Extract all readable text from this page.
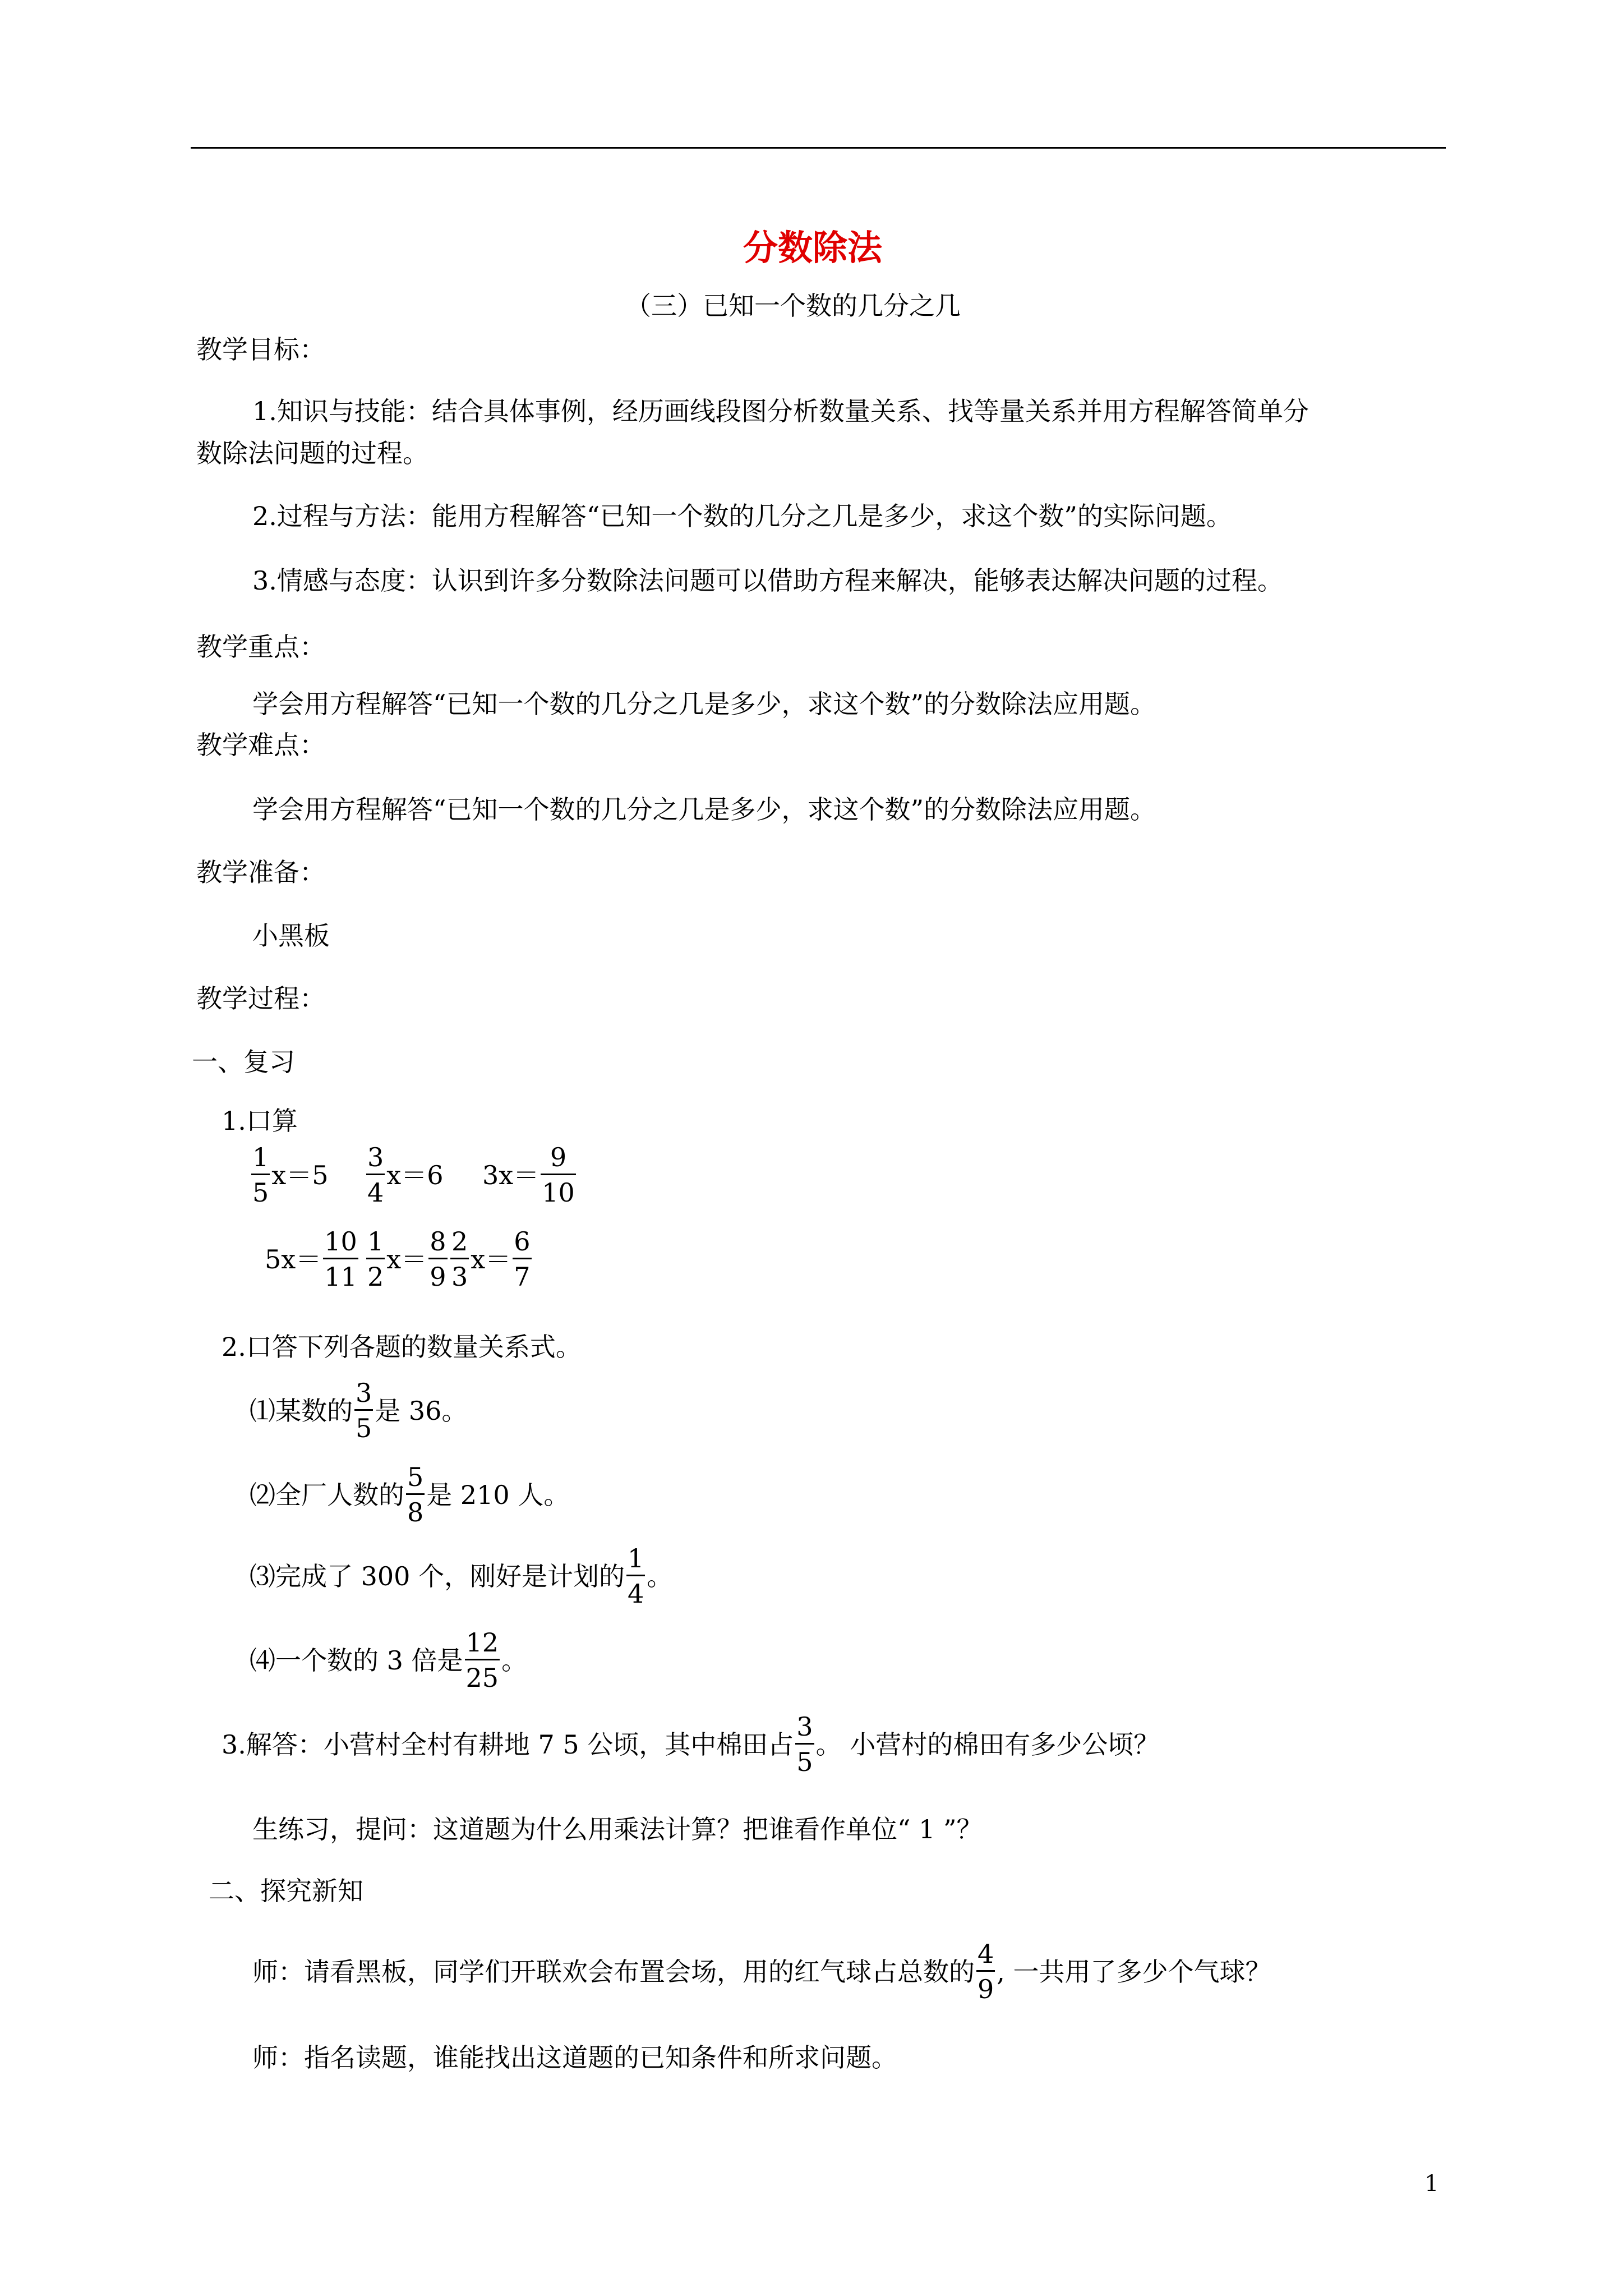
分数除法
（三）已知一个数的几分之几
教学目标：
1.知识与技能：结合具体事例，经历画线段图分析数量关系、找等量关系并用方程解答简单分
数除法问题的过程。
2.过程与方法：能用方程解答“已知一个数的几分之几是多少，求这个数”的实际问题。
3.情感与态度：认识到许多分数除法问题可以借助方程来解决，能够表达解决问题的过程。
教学重点：
学会用方程解答“已知一个数的几分之几是多少，求这个数”的分数除法应用题。
教学难点：
学会用方程解答“已知一个数的几分之几是多少，求这个数”的分数除法应用题。
教学准备：
小黑板
教学过程：
一、复习
1.口算
$\frac{1}{5} x=5 \frac{3}{4} x=6$ $3x= \frac{9}{10}$
$5x= \frac{10}{11} \frac{1}{2} x= \frac{8}{9} \frac{2}{3} x= \frac{6}{7}$
2.口答下列各题的数量关系式。
⑴某数的 $\frac{3}{5}$ 是 36。
⑵全厂人数的 $\frac{5}{8}$ 是 210 人。
⑶完成了 300 个，刚好是计划的 $\frac{1}{4}$ 。
⑷一个数的 3 倍是 $\frac{12}{25}$ 。
3.解答：小营村全村有耕地 7 5 公顷，其中棉田占 $\frac{3}{5}$ 。 小营村的棉田有多少公顷？
生练习，提问：这道题为什么用乘法计算？把谁看作单位“ 1 ”？
二、探究新知
师：请看黑板，同学们开联欢会布置会场，用的红气球占总数的 $\frac{4}{9}$ , 一共用了多少个气球？
师：指名读题，谁能找出这道题的已知条件和所求问题。
1
